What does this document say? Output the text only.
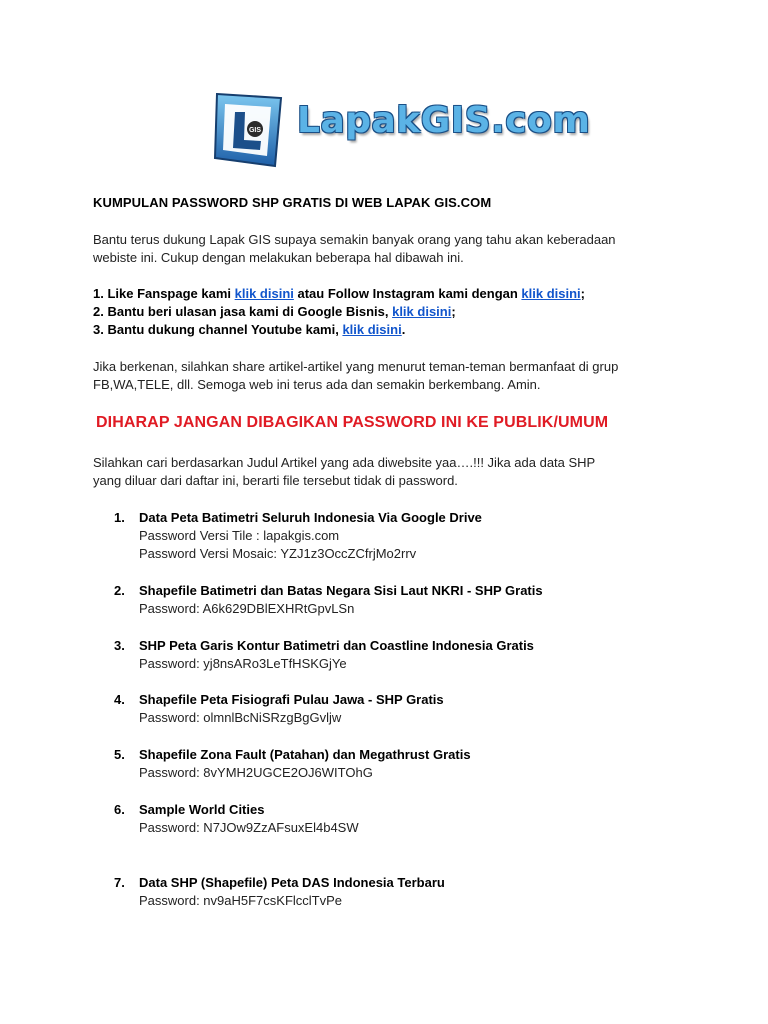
GIS LapakGIS.com
KUMPULAN PASSWORD SHP GRATIS DI WEB LAPAK GIS.COM
Bantu terus dukung Lapak GIS supaya semakin banyak orang yang tahu akan keberadaan
webiste ini. Cukup dengan melakukan beberapa hal dibawah ini.
1. Like Fanspage kami klik disini atau Follow Instagram kami dengan klik disini;
2. Bantu beri ulasan jasa kami di Google Bisnis, klik disini;
3. Bantu dukung channel Youtube kami, klik disini.
Jika berkenan, silahkan share artikel-artikel yang menurut teman-teman bermanfaat di grup
FB,WA,TELE, dll. Semoga web ini terus ada dan semakin berkembang. Amin.
DIHARAP JANGAN DIBAGIKAN PASSWORD INI KE PUBLIK/UMUM
Silahkan cari berdasarkan Judul Artikel yang ada diwebsite yaa….!!! Jika ada data SHP
yang diluar dari daftar ini, berarti file tersebut tidak di password.
1. Data Peta Batimetri Seluruh Indonesia Via Google Drive
Password Versi Tile : lapakgis.com
Password Versi Mosaic: YZJ1z3OccZCfrjMo2rrv
2. Shapefile Batimetri dan Batas Negara Sisi Laut NKRI - SHP Gratis
Password: A6k629DBlEXHRtGpvLSn
3. SHP Peta Garis Kontur Batimetri dan Coastline Indonesia Gratis
Password: yj8nsARo3LeTfHSKGjYe
4. Shapefile Peta Fisiografi Pulau Jawa - SHP Gratis
Password: olmnlBcNiSRzgBgGvljw
5. Shapefile Zona Fault (Patahan) dan Megathrust Gratis
Password: 8vYMH2UGCE2OJ6WITOhG
6. Sample World Cities
Password: N7JOw9ZzAFsuxEl4b4SW
7. Data SHP (Shapefile) Peta DAS Indonesia Terbaru
Password: nv9aH5F7csKFlcclTvPe
